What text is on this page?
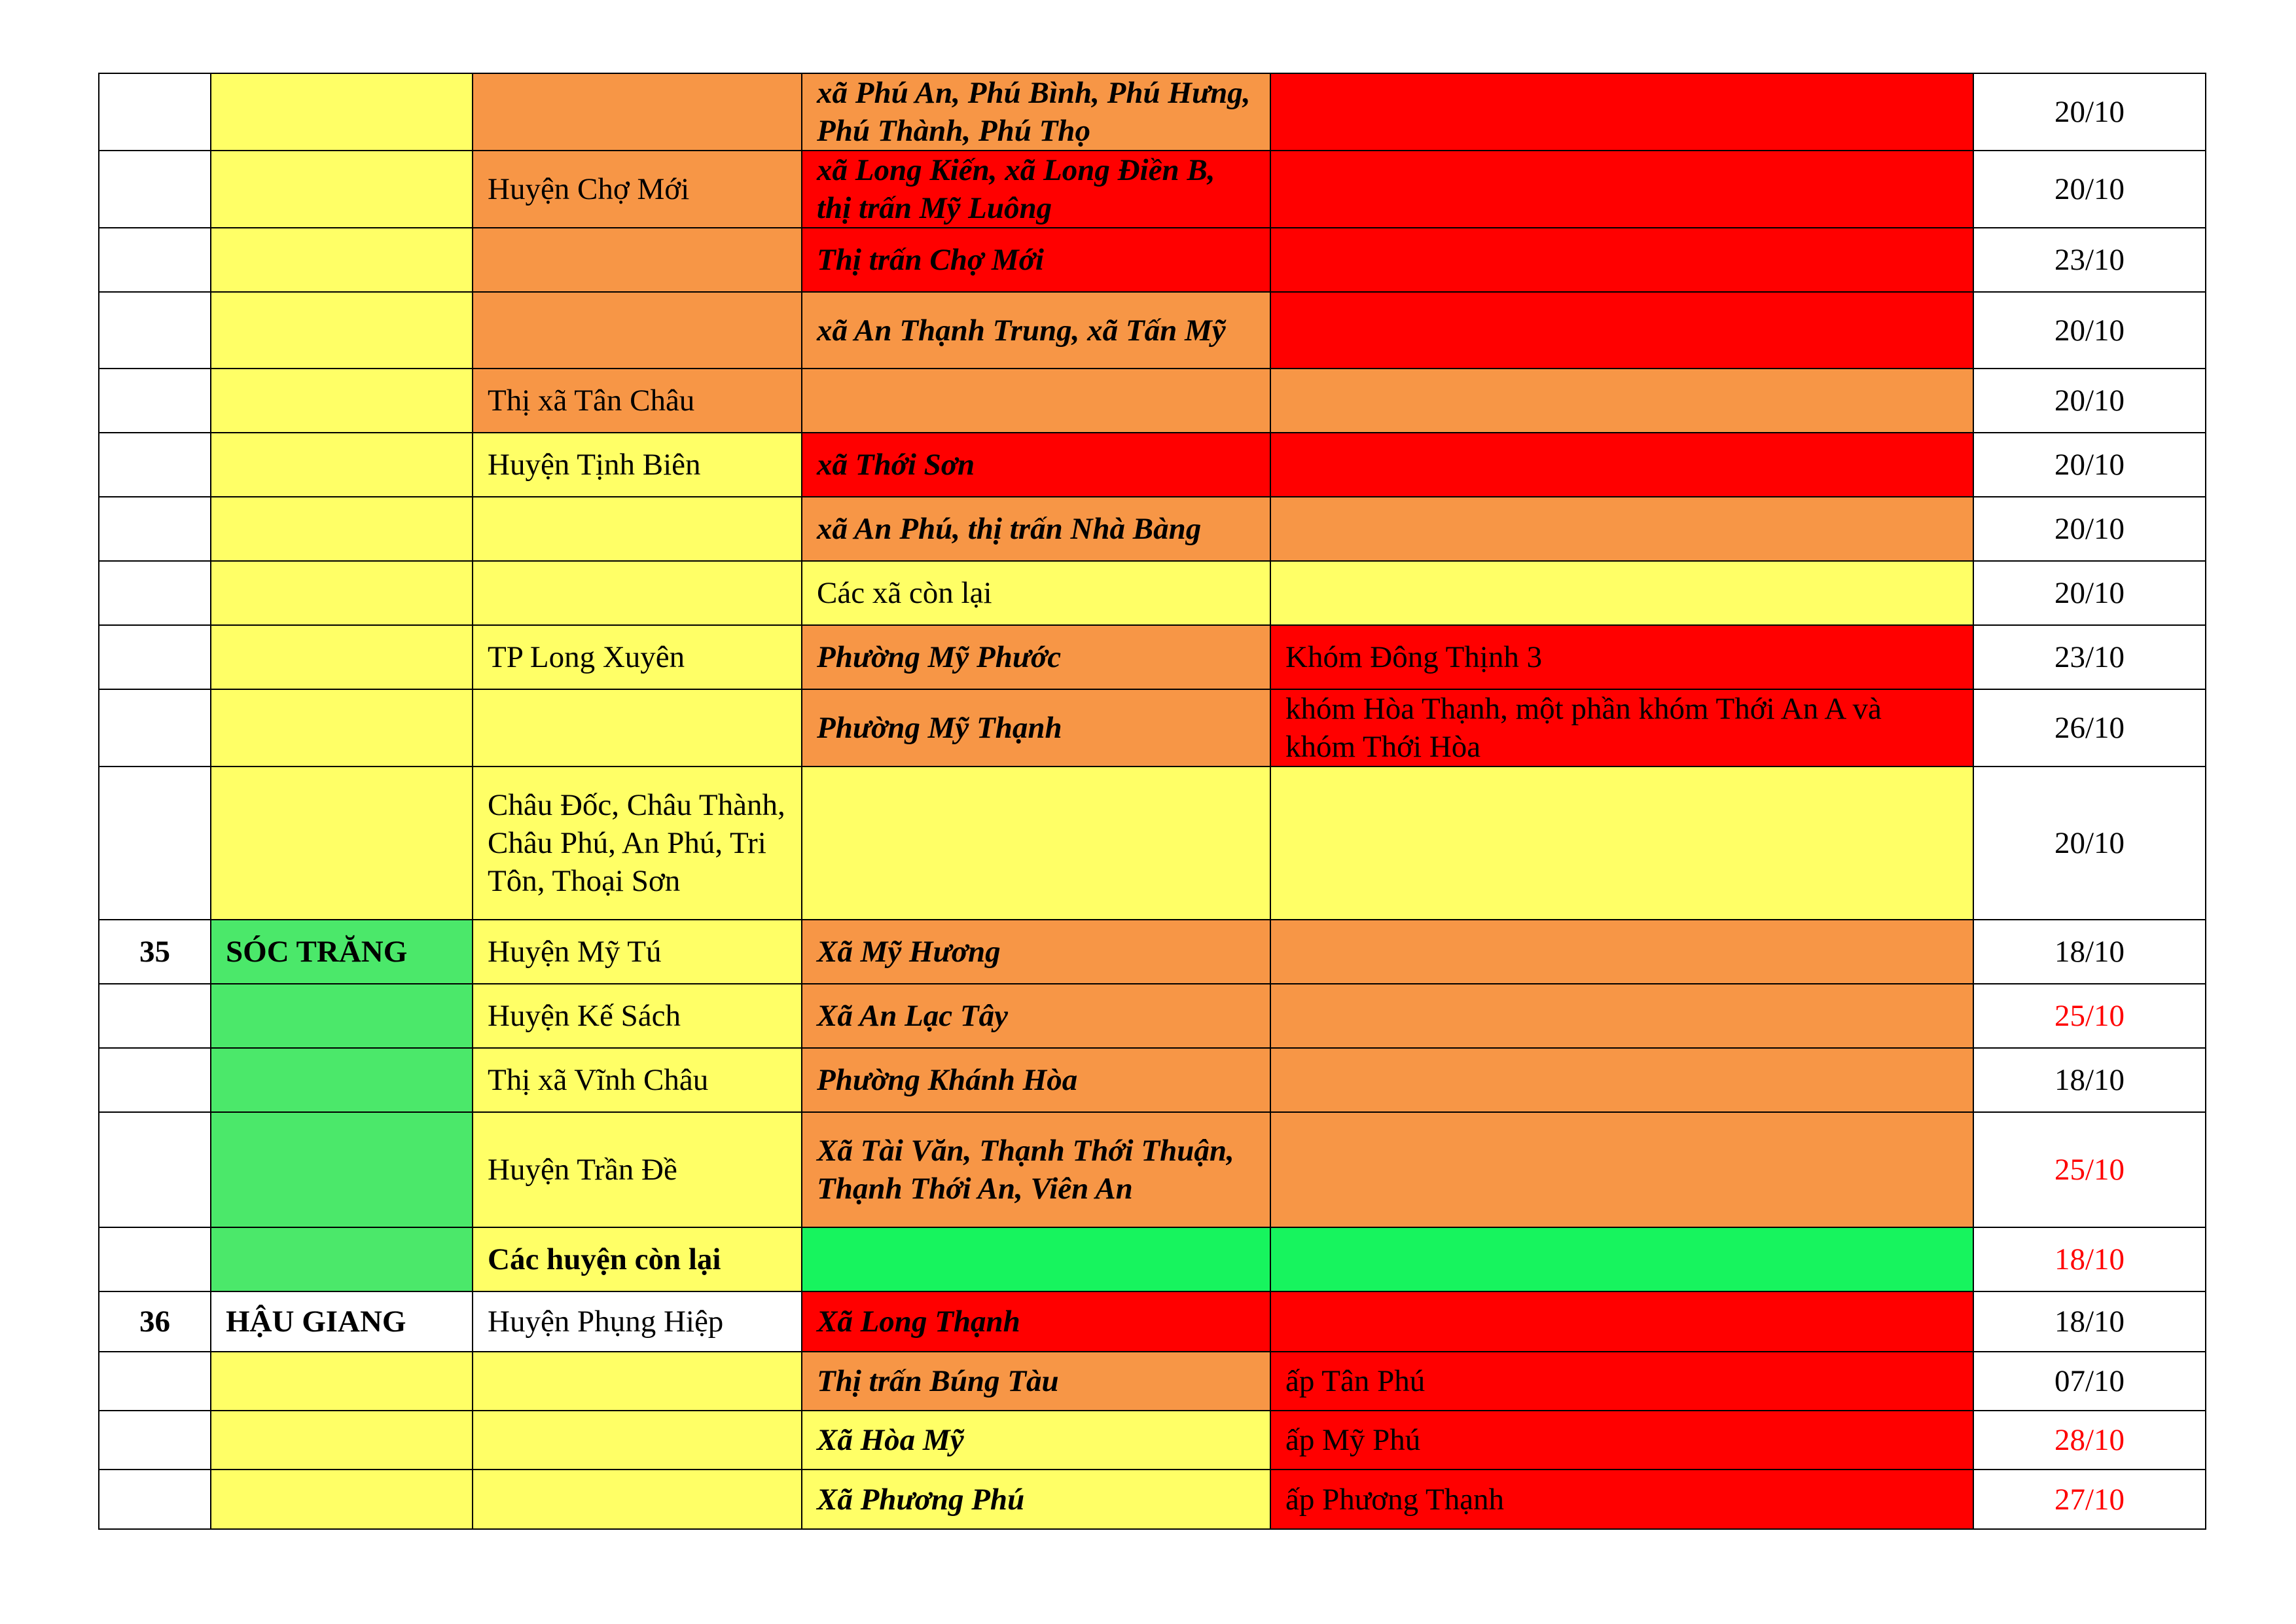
			xã Phú An, Phú Bình, Phú Hưng, Phú Thành, Phú Thọ		20/10
		Huyện Chợ Mới	xã Long Kiến, xã Long Điền B, thị trấn Mỹ Luông		20/10
			Thị trấn Chợ Mới		23/10
			xã An Thạnh Trung, xã Tấn Mỹ		20/10
		Thị xã Tân Châu			20/10
		Huyện Tịnh Biên	xã Thới Sơn		20/10
			xã An Phú, thị trấn Nhà Bàng		20/10
			Các xã còn lại		20/10
		TP Long Xuyên	Phường Mỹ Phước	Khóm Đông Thịnh 3	23/10
			Phường Mỹ Thạnh	khóm Hòa Thạnh, một phần khóm Thới An A và khóm Thới Hòa	26/10
		Châu Đốc, Châu Thành, Châu Phú, An Phú, Tri Tôn, Thoại Sơn			20/10
35	SÓC TRĂNG	Huyện Mỹ Tú	Xã Mỹ Hương		18/10
		Huyện Kế Sách	Xã An Lạc Tây		25/10
		Thị xã Vĩnh Châu	Phường Khánh Hòa		18/10
		Huyện Trần Đề	Xã Tài Văn, Thạnh Thới Thuận, Thạnh Thới An, Viên An		25/10
		Các huyện còn lại			18/10
36	HẬU GIANG	Huyện Phụng Hiệp	Xã Long Thạnh		18/10
			Thị trấn Búng Tàu	ấp Tân Phú	07/10
			Xã Hòa Mỹ	ấp Mỹ Phú	28/10
			Xã Phương Phú	ấp Phương Thạnh	27/10
